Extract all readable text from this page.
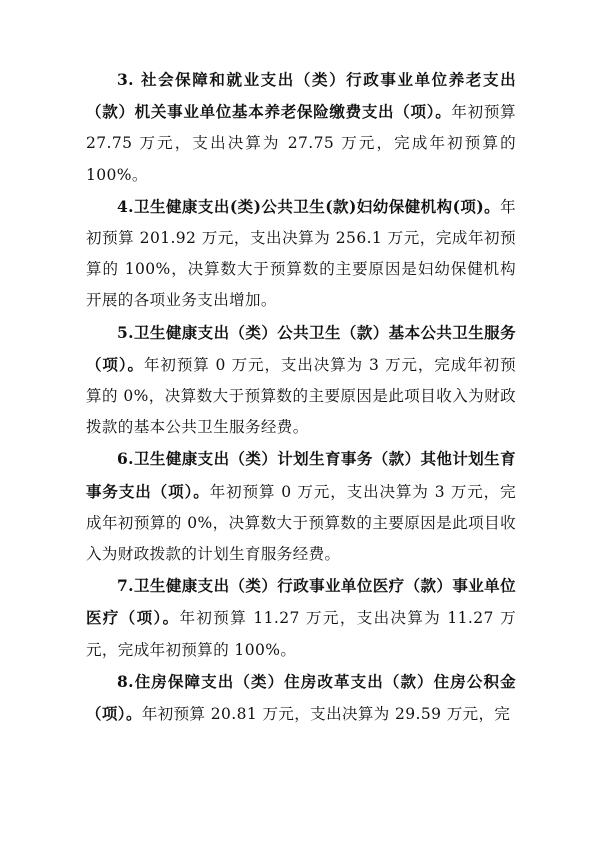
3. 社会保障和就业支出（类）行政事业单位养老支出（款）机关事业单位基本养老保险缴费支出（项）。年初预算 27.75 万元，支出决算为 27.75 万元，完成年初预算的 100%。

4.卫生健康支出(类)公共卫生(款)妇幼保健机构(项)。年初预算 201.92 万元，支出决算为 256.1 万元，完成年初预算的 100%，决算数大于预算数的主要原因是妇幼保健机构开展的各项业务支出增加。

5.卫生健康支出（类）公共卫生（款）基本公共卫生服务（项）。年初预算 0 万元，支出决算为 3 万元，完成年初预算的 0%，决算数大于预算数的主要原因是此项目收入为财政拨款的基本公共卫生服务经费。

6.卫生健康支出（类）计划生育事务（款）其他计划生育事务支出（项）。年初预算 0 万元，支出决算为 3 万元，完成年初预算的 0%，决算数大于预算数的主要原因是此项目收入为财政拨款的计划生育服务经费。

7.卫生健康支出（类）行政事业单位医疗（款）事业单位医疗（项）。年初预算 11.27 万元，支出决算为 11.27 万元，完成年初预算的 100%。

8.住房保障支出（类）住房改革支出（款）住房公积金（项）。年初预算 20.81 万元，支出决算为 29.59 万元，完
